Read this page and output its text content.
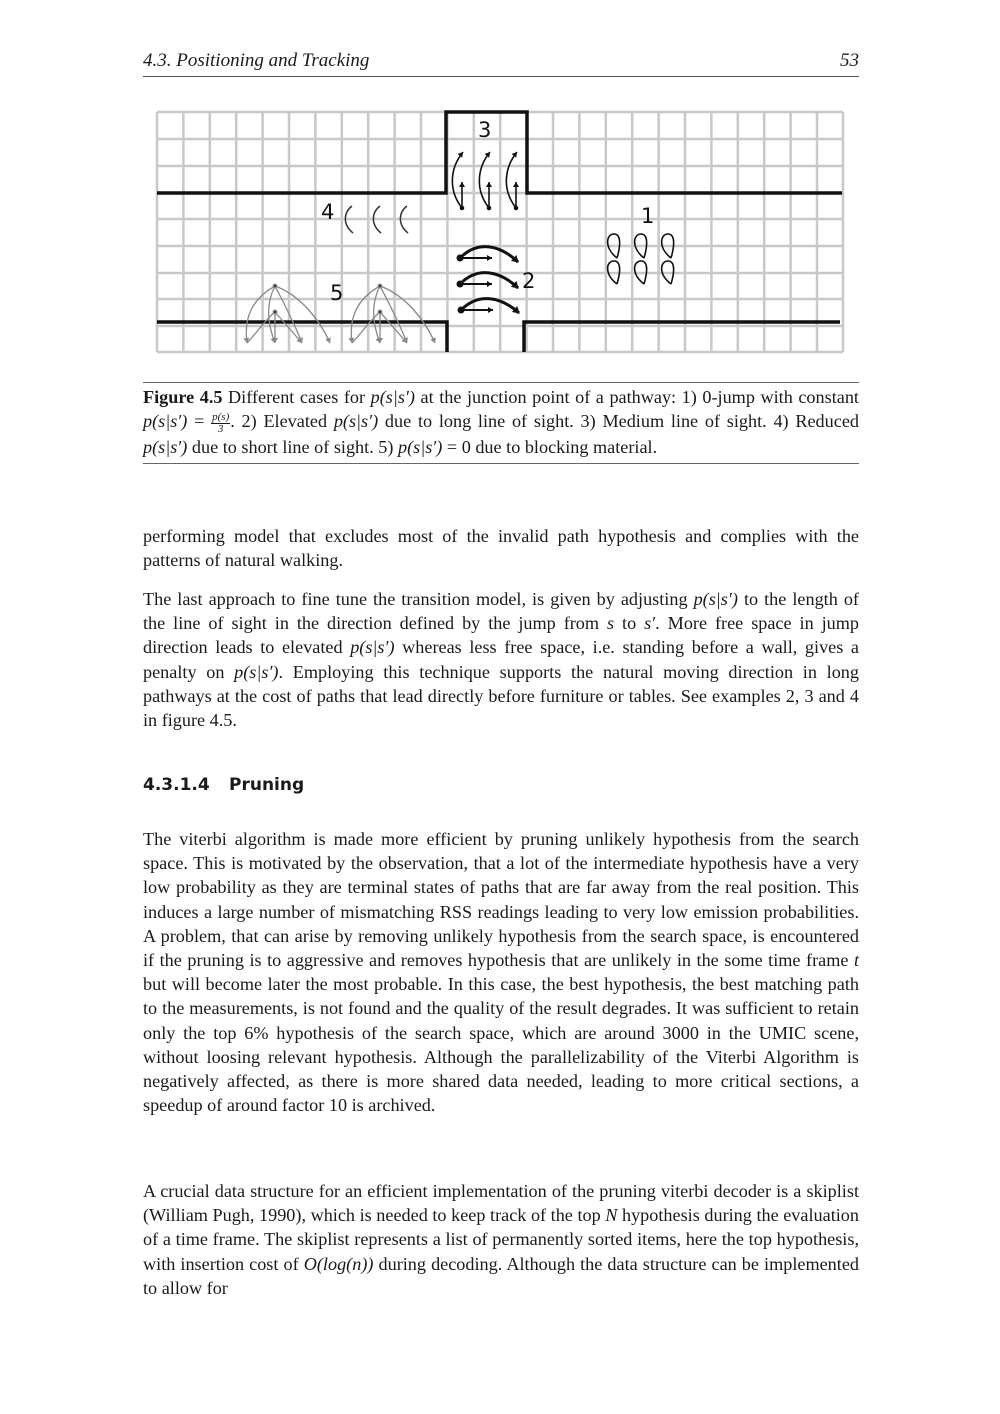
4.3. Positioning and Tracking	53
3
4	1
2
5
Figure 4.5 Different cases for p(s|s′) at the junction point of a pathway: 1) 0-jump with constant $p(s|s') = \frac{p(s)}{3}$ . 2) Elevated p(s|s′) due to long line of sight. 3) Medium line of sight. 4) Reduced p(s|s′) due to short line of sight. 5) p(s|s′) = 0 due to blocking material.

performing model that excludes most of the invalid path hypothesis and complies with the patterns of natural walking.

The last approach to fine tune the transition model, is given by adjusting p(s|s′) to the length of the line of sight in the direction defined by the jump from s to s′. More free space in jump direction leads to elevated p(s|s′) whereas less free space, i.e. standing before a wall, gives a penalty on p(s|s′). Employing this technique supports the natural moving direction in long pathways at the cost of paths that lead directly before furniture or tables. See examples 2, 3 and 4 in figure 4.5.

4.3.1.4 Pruning

The viterbi algorithm is made more efficient by pruning unlikely hypothesis from the search space. This is motivated by the observation, that a lot of the intermediate hypothesis have a very low probability as they are terminal states of paths that are far away from the real position. This induces a large number of mismatching RSS readings leading to very low emission probabilities. A problem, that can arise by removing unlikely hypothesis from the search space, is encountered if the pruning is to aggressive and removes hypothesis that are unlikely in the some time frame t but will become later the most probable. In this case, the best hypothesis, the best matching path to the measurements, is not found and the quality of the result degrades. It was sufficient to retain only the top 6% hypothesis of the search space, which are around 3000 in the UMIC scene, without loosing relevant hypothesis. Although the parallelizability of the Viterbi Algorithm is negatively affected, as there is more shared data needed, leading to more critical sections, a speedup of around factor 10 is archived.

A crucial data structure for an efficient implementation of the pruning viterbi decoder is a skiplist (William Pugh, 1990), which is needed to keep track of the top N hypothesis during the evaluation of a time frame. The skiplist represents a list of permanently sorted items, here the top hypothesis, with insertion cost of O(log(n)) during decoding. Although the data structure can be implemented to allow for
